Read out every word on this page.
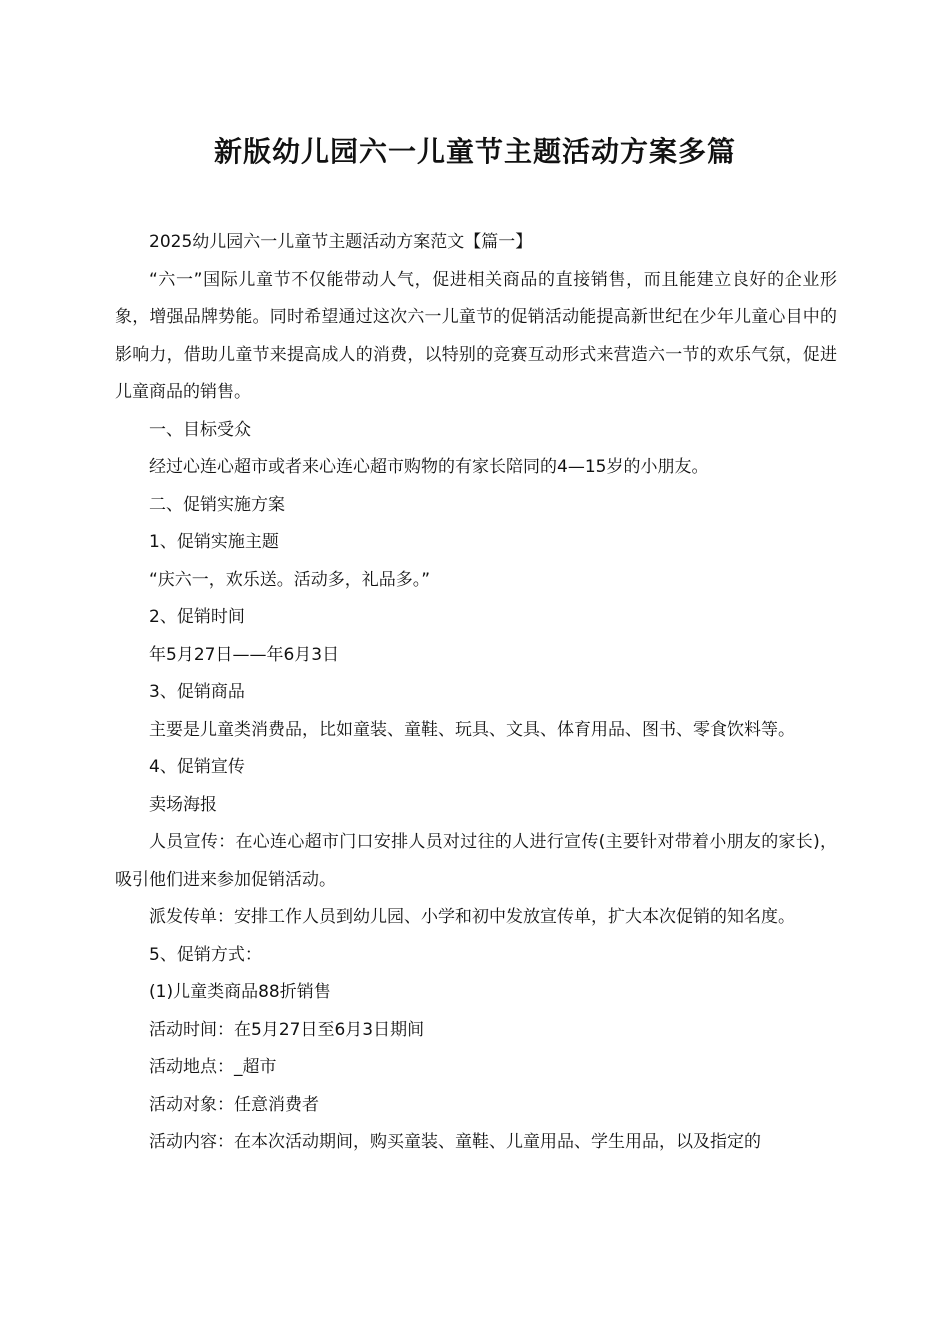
新版幼儿园六一儿童节主题活动方案多篇

2025幼儿园六一儿童节主题活动方案范文【篇一】

“六一”国际儿童节不仅能带动人气，促进相关商品的直接销售，而且能建立良好的企业形象，增强品牌势能。同时希望通过这次六一儿童节的促销活动能提高新世纪在少年儿童心目中的影响力，借助儿童节来提高成人的消费，以特别的竞赛互动形式来营造六一节的欢乐气氛，促进儿童商品的销售。

一、目标受众

经过心连心超市或者来心连心超市购物的有家长陪同的4—15岁的小朋友。

二、促销实施方案

1、促销实施主题

“庆六一，欢乐送。活动多，礼品多。”

2、促销时间

年5月27日——年6月3日

3、促销商品

主要是儿童类消费品，比如童装、童鞋、玩具、文具、体育用品、图书、零食饮料等。

4、促销宣传

卖场海报

人员宣传：在心连心超市门口安排人员对过往的人进行宣传(主要针对带着小朋友的家长)，吸引他们进来参加促销活动。

派发传单：安排工作人员到幼儿园、小学和初中发放宣传单，扩大本次促销的知名度。

5、促销方式：

(1)儿童类商品88折销售

活动时间：在5月27日至6月3日期间

活动地点：_超市

活动对象：任意消费者

活动内容：在本次活动期间，购买童装、童鞋、儿童用品、学生用品，以及指定的
